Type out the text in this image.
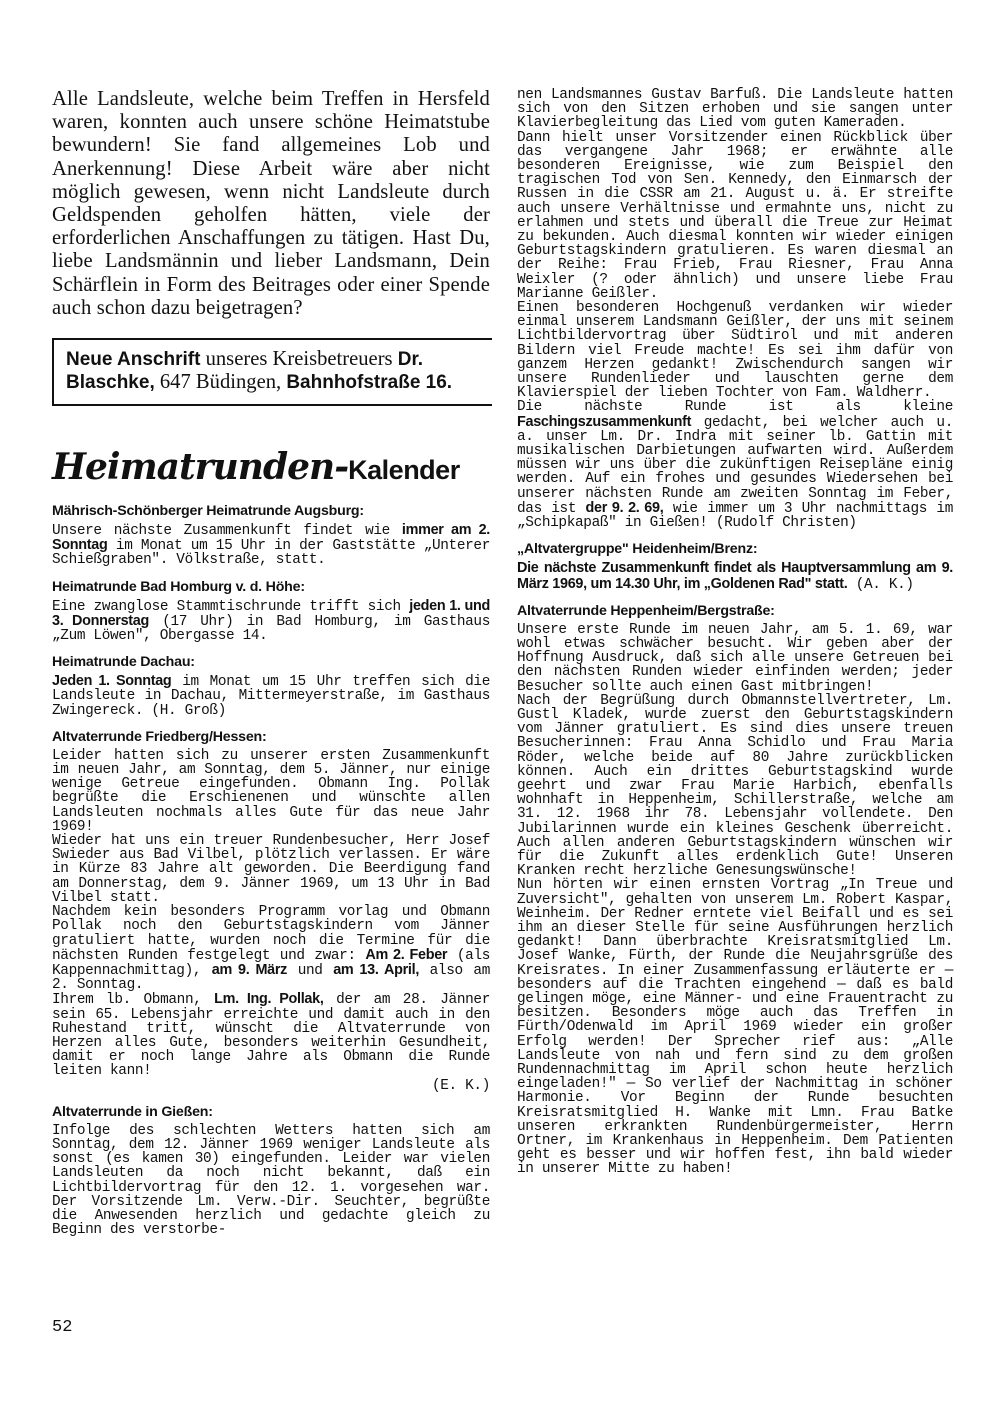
Alle Landsleute, welche beim Treffen in Hersfeld waren, konnten auch unsere schöne Heimatstube bewundern! Sie fand allgemeines Lob und Anerkennung! Diese Arbeit wäre aber nicht möglich gewesen, wenn nicht Landsleute durch Geldspenden geholfen hätten, viele der erforderlichen Anschaffungen zu tätigen. Hast Du, liebe Landsmännin und lieber Landsmann, Dein Schärflein in Form des Beitrages oder einer Spende auch schon dazu beigetragen?

Neue Anschrift unseres Kreisbetreuers Dr. Blaschke, 647 Büdingen, Bahnhofstraße 16.
Heimatrunden-Kalender
Mährisch-Schönberger Heimatrunde Augsburg:

Unsere nächste Zusammenkunft findet wie immer am 2. Sonntag im Monat um 15 Uhr in der Gaststätte „Unterer Schießgraben". Völkstraße, statt.

Heimatrunde Bad Homburg v. d. Höhe:

Eine zwanglose Stammtischrunde trifft sich jeden 1. und 3. Donnerstag (17 Uhr) in Bad Homburg, im Gasthaus „Zum Löwen", Obergasse 14.

Heimatrunde Dachau:

Jeden 1. Sonntag im Monat um 15 Uhr treffen sich die Landsleute in Dachau, Mittermeyerstraße, im Gasthaus Zwingereck. (H. Groß)

Altvaterrunde Friedberg/Hessen:

Leider hatten sich zu unserer ersten Zusammenkunft im neuen Jahr, am Sonntag, dem 5. Jänner, nur einige wenige Getreue eingefunden. Obmann Ing. Pollak begrüßte die Erschienenen und wünschte allen Landsleuten nochmals alles Gute für das neue Jahr 1969!

Wieder hat uns ein treuer Rundenbesucher, Herr Josef Swieder aus Bad Vilbel, plötzlich verlassen. Er wäre in Kürze 83 Jahre alt geworden. Die Beerdigung fand am Donnerstag, dem 9. Jänner 1969, um 13 Uhr in Bad Vilbel statt.

Nachdem kein besonders Programm vorlag und Obmann Pollak noch den Geburtstagskindern vom Jänner gratuliert hatte, wurden noch die Termine für die nächsten Runden festgelegt und zwar: Am 2. Feber (als Kappennachmittag), am 9. März und am 13. April, also am 2. Sonntag.

Ihrem lb. Obmann, Lm. Ing. Pollak, der am 28. Jänner sein 65. Lebensjahr erreichte und damit auch in den Ruhestand tritt, wünscht die Altvaterrunde von Herzen alles Gute, besonders weiterhin Gesundheit, damit er noch lange Jahre als Obmann die Runde leiten kann!

(E. K.)

Altvaterrunde in Gießen:

Infolge des schlechten Wetters hatten sich am Sonntag, dem 12. Jänner 1969 weniger Landsleute als sonst (es kamen 30) eingefunden. Leider war vielen Landsleuten da noch nicht bekannt, daß ein Lichtbildervortrag für den 12. 1. vorgesehen war. Der Vorsitzende Lm. Verw.-Dir. Seuchter, begrüßte die Anwesenden herzlich und gedachte gleich zu Beginn des verstorbe-

nen Landsmannes Gustav Barfuß. Die Landsleute hatten sich von den Sitzen erhoben und sie sangen unter Klavierbegleitung das Lied vom guten Kameraden.

Dann hielt unser Vorsitzender einen Rückblick über das vergangene Jahr 1968; er erwähnte alle besonderen Ereignisse, wie zum Beispiel den tragischen Tod von Sen. Kennedy, den Einmarsch der Russen in die CSSR am 21. August u. ä. Er streifte auch unsere Verhältnisse und ermahnte uns, nicht zu erlahmen und stets und überall die Treue zur Heimat zu bekunden. Auch diesmal konnten wir wieder einigen Geburtstagskindern gratulieren. Es waren diesmal an der Reihe: Frau Frieb, Frau Riesner, Frau Anna Weixler (? oder ähnlich) und unsere liebe Frau Marianne Geißler.

Einen besonderen Hochgenuß verdanken wir wieder einmal unserem Landsmann Geißler, der uns mit seinem Lichtbildervortrag über Südtirol und mit anderen Bildern viel Freude machte! Es sei ihm dafür von ganzem Herzen gedankt! Zwischendurch sangen wir unsere Rundenlieder und lauschten gerne dem Klavierspiel der lieben Tochter von Fam. Waldherr.

Die nächste Runde ist als kleine Faschingszusammenkunft gedacht, bei welcher auch u. a. unser Lm. Dr. Indra mit seiner lb. Gattin mit musikalischen Darbietungen aufwarten wird. Außerdem müssen wir uns über die zukünftigen Reisepläne einig werden. Auf ein frohes und gesundes Wiedersehen bei unserer nächsten Runde am zweiten Sonntag im Feber, das ist der 9. 2. 69, wie immer um 3 Uhr nachmittags im „Schipkapaß" in Gießen! (Rudolf Christen)

„Altvatergruppe" Heidenheim/Brenz:

Die nächste Zusammenkunft findet als Hauptversammlung am 9. März 1969, um 14.30 Uhr, im „Goldenen Rad" statt. (A. K.)

Altvaterrunde Heppenheim/Bergstraße:

Unsere erste Runde im neuen Jahr, am 5. 1. 69, war wohl etwas schwächer besucht. Wir geben aber der Hoffnung Ausdruck, daß sich alle unsere Getreuen bei den nächsten Runden wieder einfinden werden; jeder Besucher sollte auch einen Gast mitbringen!

Nach der Begrüßung durch Obmannstellvertreter, Lm. Gustl Kladek, wurde zuerst den Geburtstagskindern vom Jänner gratuliert. Es sind dies unsere treuen Besucherinnen: Frau Anna Schidlo und Frau Maria Röder, welche beide auf 80 Jahre zurückblicken können. Auch ein drittes Geburtstagskind wurde geehrt und zwar Frau Marie Harbich, ebenfalls wohnhaft in Heppenheim, Schillerstraße, welche am 31. 12. 1968 ihr 78. Lebensjahr vollendete. Den Jubilarinnen wurde ein kleines Geschenk überreicht. Auch allen anderen Geburtstagskindern wünschen wir für die Zukunft alles erdenklich Gute! Unseren Kranken recht herzliche Genesungswünsche!

Nun hörten wir einen ernsten Vortrag „In Treue und Zuversicht", gehalten von unserem Lm. Robert Kaspar, Weinheim. Der Redner erntete viel Beifall und es sei ihm an dieser Stelle für seine Ausführungen herzlich gedankt! Dann überbrachte Kreisratsmitglied Lm. Josef Wanke, Fürth, der Runde die Neujahrsgrüße des Kreisrates. In einer Zusammenfassung erläuterte er — besonders auf die Trachten eingehend — daß es bald gelingen möge, eine Männer- und eine Frauentracht zu besitzen. Besonders möge auch das Treffen in Fürth/Odenwald im April 1969 wieder ein großer Erfolg werden! Der Sprecher rief aus: „Alle Landsleute von nah und fern sind zu dem großen Rundennachmittag im April schon heute herzlich eingeladen!" — So verlief der Nachmittag in schöner Harmonie. Vor Beginn der Runde besuchten Kreisratsmitglied H. Wanke mit Lmn. Frau Batke unseren erkrankten Rundenbürgermeister, Herrn Ortner, im Krankenhaus in Heppenheim. Dem Patienten geht es besser und wir hoffen fest, ihn bald wieder in unserer Mitte zu haben!

52
